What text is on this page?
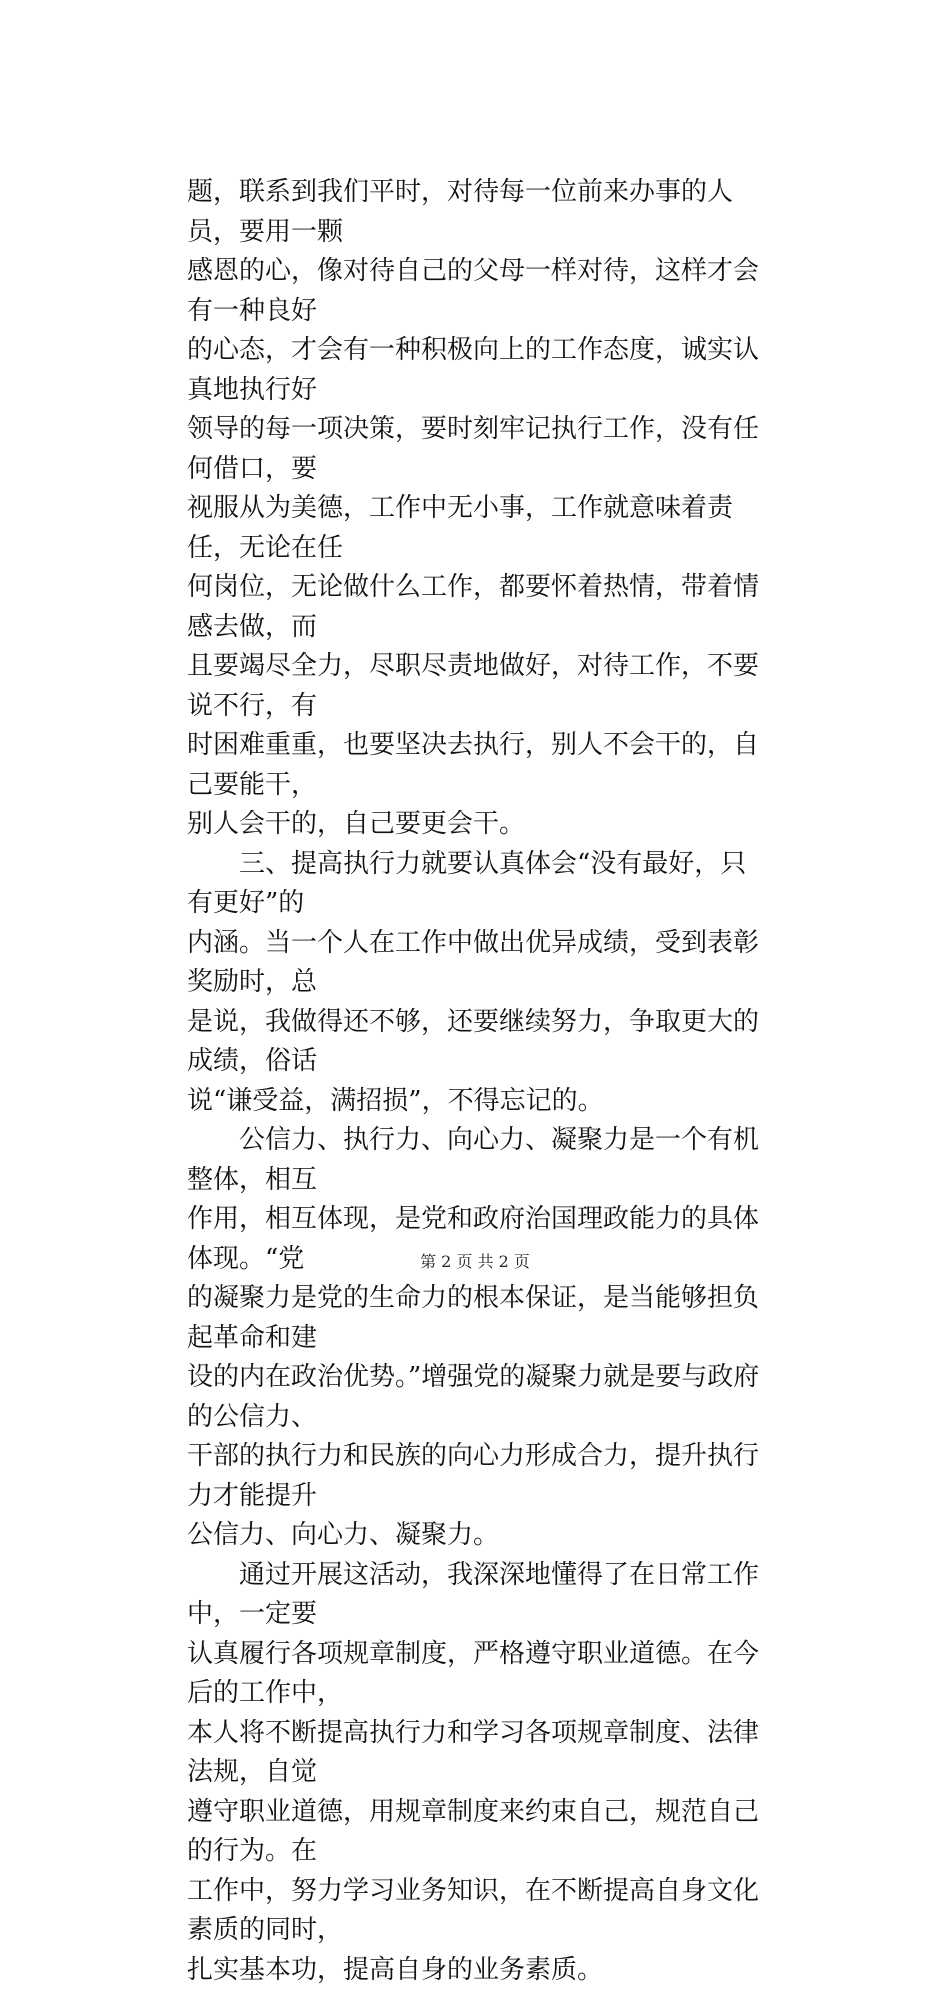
题，联系到我们平时，对待每一位前来办事的人员，要用一颗

感恩的心，像对待自己的父母一样对待，这样才会有一种良好

的心态，才会有一种积极向上的工作态度，诚实认真地执行好

领导的每一项决策，要时刻牢记执行工作，没有任何借口，要

视服从为美德，工作中无小事，工作就意味着责任，无论在任

何岗位，无论做什么工作，都要怀着热情，带着情感去做，而

且要竭尽全力，尽职尽责地做好，对待工作，不要说不行，有

时困难重重，也要坚决去执行，别人不会干的，自己要能干，

别人会干的，自己要更会干。

　　三、提高执行力就要认真体会“没有最好，只有更好”的

内涵。当一个人在工作中做出优异成绩，受到表彰奖励时，总

是说，我做得还不够，还要继续努力，争取更大的成绩，俗话

说“谦受益，满招损”，不得忘记的。

　　公信力、执行力、向心力、凝聚力是一个有机整体，相互

作用，相互体现，是党和政府治国理政能力的具体体现。“党

的凝聚力是党的生命力的根本保证，是当能够担负起革命和建

设的内在政治优势。”增强党的凝聚力就是要与政府的公信力、

干部的执行力和民族的向心力形成合力，提升执行力才能提升

公信力、向心力、凝聚力。

　　通过开展这活动，我深深地懂得了在日常工作中，一定要

认真履行各项规章制度，严格遵守职业道德。在今后的工作中，

本人将不断提高执行力和学习各项规章制度、法律法规，自觉

遵守职业道德，用规章制度来约束自己，规范自己的行为。在

工作中，努力学习业务知识，在不断提高自身文化素质的同时，

扎实基本功，提高自身的业务素质。

第 2 页 共 2 页
